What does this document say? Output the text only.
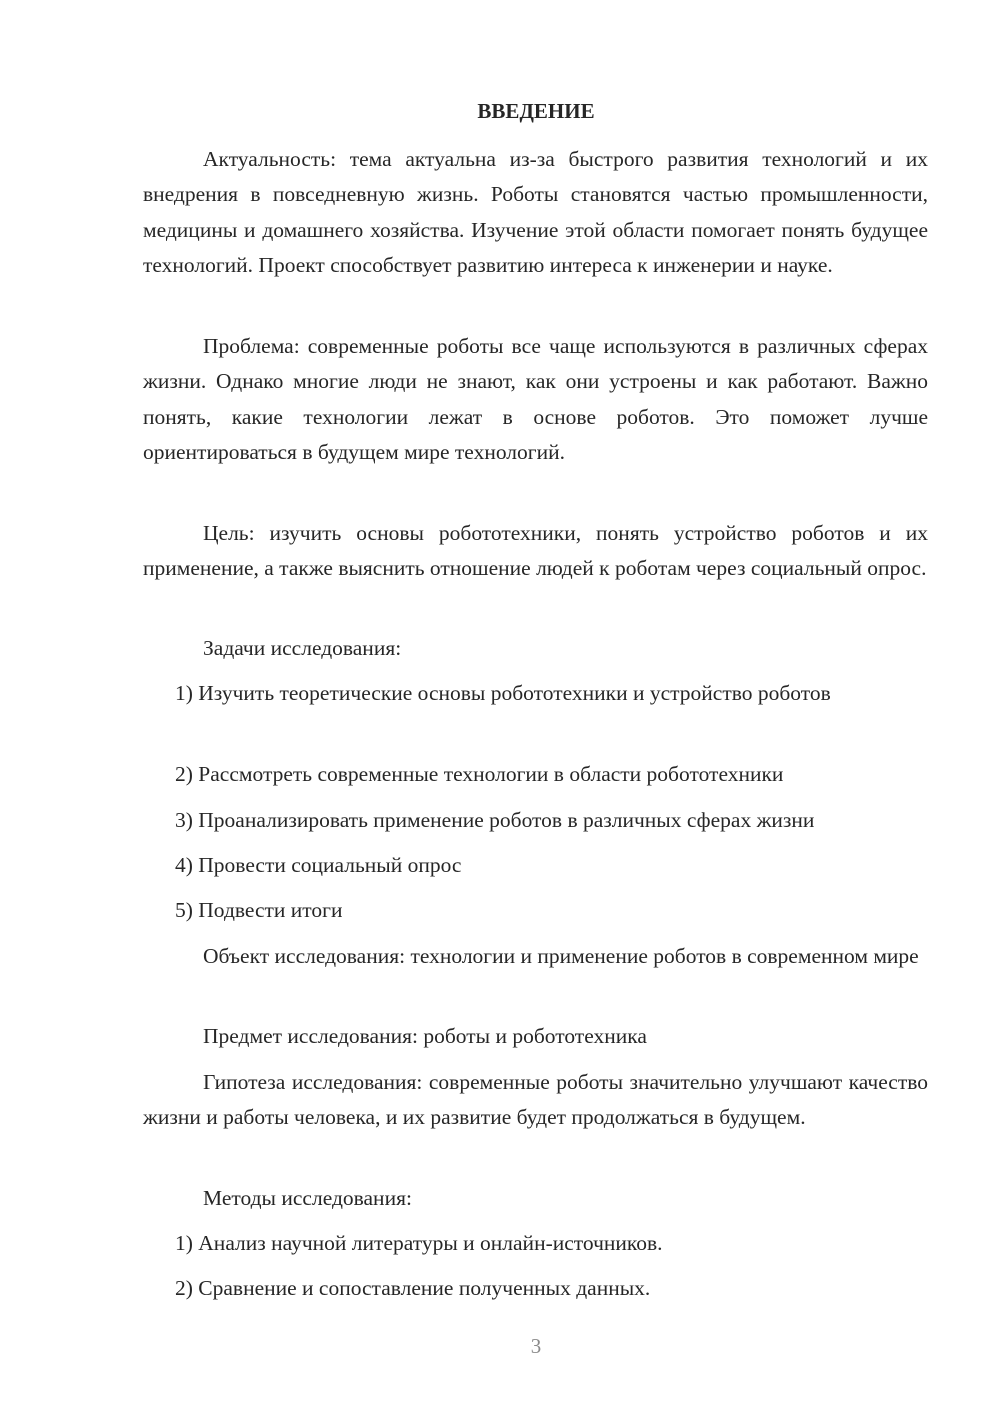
ВВЕДЕНИЕ

Актуальность: тема актуальна из-за быстрого развития технологий и их внедрения в повседневную жизнь. Роботы становятся частью промышленности, медицины и домашнего хозяйства. Изучение этой области помогает понять будущее технологий. Проект способствует развитию интереса к инженерии и науке.

Проблема: современные роботы все чаще используются в различных сферах жизни. Однако многие люди не знают, как они устроены и как работают. Важно понять, какие технологии лежат в основе роботов. Это поможет лучше ориентироваться в будущем мире технологий.

Цель: изучить основы робототехники, понять устройство роботов и их применение, а также выяснить отношение людей к роботам через социальный опрос.

Задачи исследования:

1) Изучить теоретические основы робототехники и устройство роботов

2) Рассмотреть современные технологии в области робототехники

3) Проанализировать применение роботов в различных сферах жизни

4) Провести социальный опрос

5) Подвести итоги

Объект исследования: технологии и применение роботов в современном мире

Предмет исследования: роботы и робототехника

Гипотеза исследования: современные роботы значительно улучшают качество жизни и работы человека, и их развитие будет продолжаться в будущем.

Методы исследования:

1) Анализ научной литературы и онлайн-источников.

2) Сравнение и сопоставление полученных данных.

3
